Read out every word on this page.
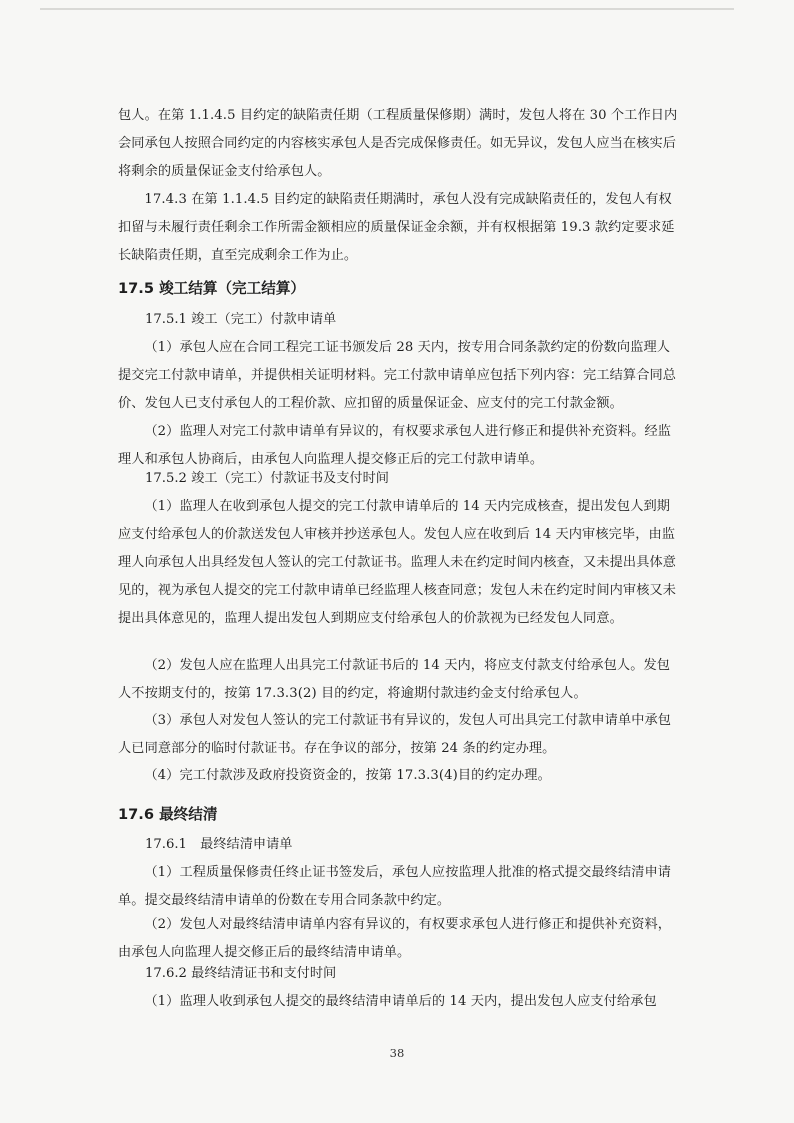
包人。在第 1.1.4.5 目约定的缺陷责任期（工程质量保修期）满时，发包人将在 30 个工作日内会同承包人按照合同约定的内容核实承包人是否完成保修责任。如无异议，发包人应当在核实后将剩余的质量保证金支付给承包人。

17.4.3 在第 1.1.4.5 目约定的缺陷责任期满时，承包人没有完成缺陷责任的，发包人有权扣留与未履行责任剩余工作所需金额相应的质量保证金余额，并有权根据第 19.3 款约定要求延长缺陷责任期，直至完成剩余工作为止。

17.5 竣工结算（完工结算）
17.5.1 竣工（完工）付款申请单

（1）承包人应在合同工程完工证书颁发后 28 天内，按专用合同条款约定的份数向监理人提交完工付款申请单，并提供相关证明材料。完工付款申请单应包括下列内容：完工结算合同总价、发包人已支付承包人的工程价款、应扣留的质量保证金、应支付的完工付款金额。

（2）监理人对完工付款申请单有异议的，有权要求承包人进行修正和提供补充资料。经监理人和承包人协商后，由承包人向监理人提交修正后的完工付款申请单。

17.5.2 竣工（完工）付款证书及支付时间

（1）监理人在收到承包人提交的完工付款申请单后的 14 天内完成核查，提出发包人到期应支付给承包人的价款送发包人审核并抄送承包人。发包人应在收到后 14 天内审核完毕，由监理人向承包人出具经发包人签认的完工付款证书。监理人未在约定时间内核查，又未提出具体意见的，视为承包人提交的完工付款申请单已经监理人核查同意；发包人未在约定时间内审核又未提出具体意见的，监理人提出发包人到期应支付给承包人的价款视为已经发包人同意。

（2）发包人应在监理人出具完工付款证书后的 14 天内，将应支付款支付给承包人。发包人不按期支付的，按第 17.3.3(2) 目的约定，将逾期付款违约金支付给承包人。

（3）承包人对发包人签认的完工付款证书有异议的，发包人可出具完工付款申请单中承包人已同意部分的临时付款证书。存在争议的部分，按第 24 条的约定办理。

（4）完工付款涉及政府投资资金的，按第 17.3.3(4)目的约定办理。

17.6 最终结清
17.6.1　最终结清申请单

（1）工程质量保修责任终止证书签发后，承包人应按监理人批准的格式提交最终结清申请单。提交最终结清申请单的份数在专用合同条款中约定。

（2）发包人对最终结清申请单内容有异议的，有权要求承包人进行修正和提供补充资料，由承包人向监理人提交修正后的最终结清申请单。

17.6.2 最终结清证书和支付时间

（1）监理人收到承包人提交的最终结清申请单后的 14 天内，提出发包人应支付给承包

38
